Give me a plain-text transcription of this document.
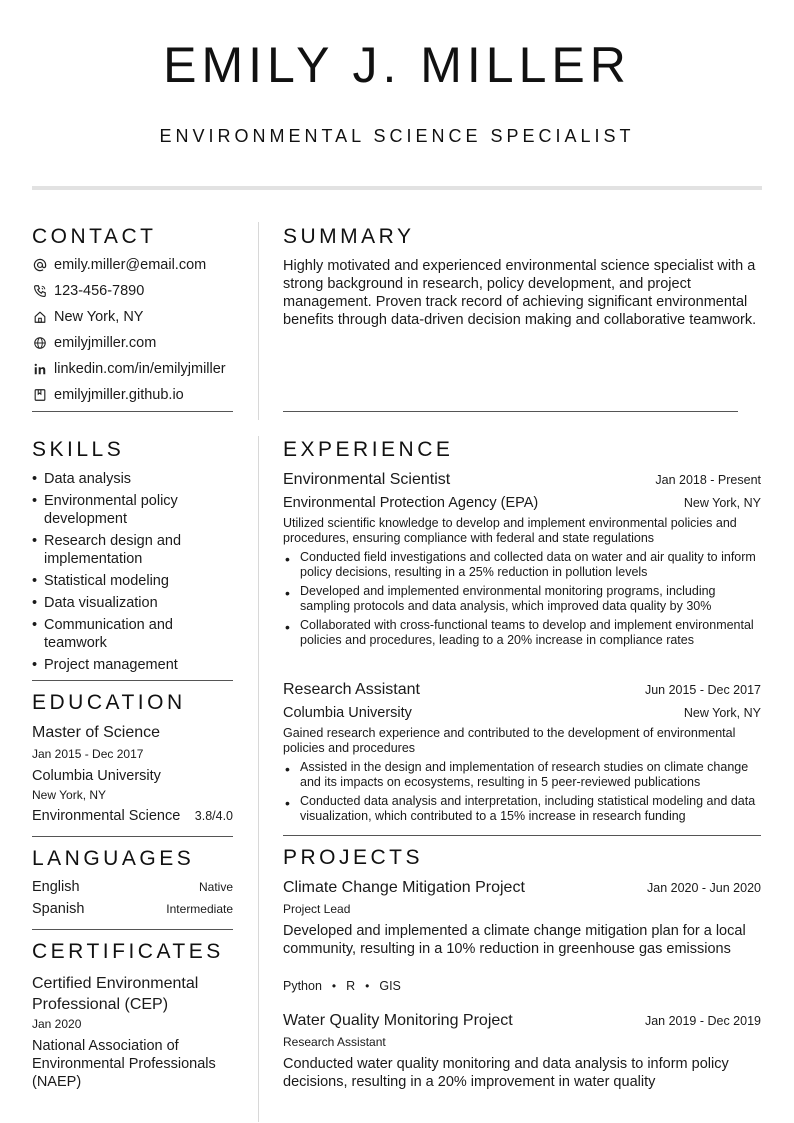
EMILY J. MILLER
ENVIRONMENTAL SCIENCE SPECIALIST
CONTACT
emily.miller@email.com
123-456-7890
New York, NY
emilyjmiller.com
linkedin.com/in/emilyjmiller
emilyjmiller.github.io
SUMMARY
Highly motivated and experienced environmental science specialist with a strong background in research, policy development, and project management. Proven track record of achieving significant environmental benefits through data-driven decision making and collaborative teamwork.
SKILLS
• Data analysis
• Environmental policy development
• Research design and implementation
• Statistical modeling
• Data visualization
• Communication and teamwork
• Project management
EDUCATION
Master of Science
Jan 2015 - Dec 2017
Columbia University
New York, NY
Environmental Science 3.8/4.0
LANGUAGES
English	Native
Spanish	Intermediate
CERTIFICATES
Certified Environmental Professional (CEP)
Jan 2020
National Association of Environmental Professionals (NAEP)
EXPERIENCE
Environmental Scientist	Jan 2018 - Present
Environmental Protection Agency (EPA)	New York, NY
Utilized scientific knowledge to develop and implement environmental policies and procedures, ensuring compliance with federal and state regulations
• Conducted field investigations and collected data on water and air quality to inform policy decisions, resulting in a 25% reduction in pollution levels
• Developed and implemented environmental monitoring programs, including sampling protocols and data analysis, which improved data quality by 30%
• Collaborated with cross-functional teams to develop and implement environmental policies and procedures, leading to a 20% increase in compliance rates
Research Assistant	Jun 2015 - Dec 2017
Columbia University	New York, NY
Gained research experience and contributed to the development of environmental policies and procedures
• Assisted in the design and implementation of research studies on climate change and its impacts on ecosystems, resulting in 5 peer-reviewed publications
• Conducted data analysis and interpretation, including statistical modeling and data visualization, which contributed to a 15% increase in research funding
PROJECTS
Climate Change Mitigation Project	Jan 2020 - Jun 2020
Project Lead
Developed and implemented a climate change mitigation plan for a local community, resulting in a 10% reduction in greenhouse gas emissions
Python • R • GIS
Water Quality Monitoring Project	Jan 2019 - Dec 2019
Research Assistant
Conducted water quality monitoring and data analysis to inform policy decisions, resulting in a 20% improvement in water quality
